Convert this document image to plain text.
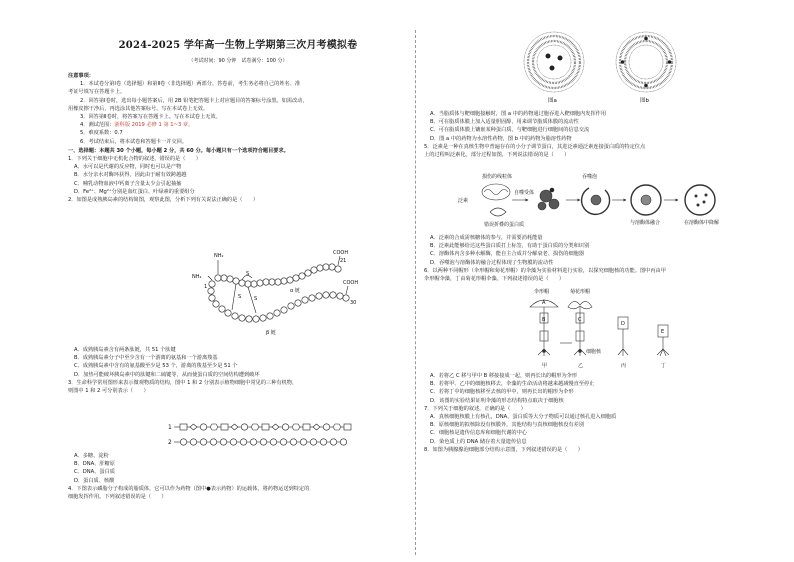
2024-2025 学年高一生物上学期第三次月考模拟卷
（考试时间：90 分钟　试卷满分：100 分）
注意事项：
1．本试卷分第Ⅰ卷（选择题）和第Ⅱ卷（非选择题）两部分。答卷前，考生务必将自己的姓名、准
考证号填写在答题卡上。
2．回答第Ⅰ卷时，选出每小题答案后，用 2B 铅笔把答题卡上对应题目的答案标号涂黑。如需改动，
用橡皮擦干净后，再选涂其他答案标号。写在本试卷上无效。
3．回答第Ⅱ卷时，将答案写在答题卡上。写在本试卷上无效。
4．测试范围：浙科版 2019 必修 1 第 1~3 章。
5．难度系数：0.7
6．考试结束后，将本试卷和答题卡一并交回。
一、选择题：本题共 30 个小题，每小题 2 分，共 60 分。每小题只有一个选项符合题目要求。
1．下列关于细胞中无机化合物的叙述，错误的是（　　）
A．水可以是代谢的反应物，同时也可以是产物
B．水分亲水对酶环获得，因此由于耐有效跨越越
C．哺乳动物血液中钙离子含量太少会引起抽搐
D．Fe²⁺、Mg²⁺分别是血红蛋白、叶绿素的重要组分
2．如图是成熟胰岛素的结构简图，观察此图，分析下列有关说法正确的是（　　）
NH₂
NH₂
COOH
21
COOH
30
1
S	S
S
α 链
β 链
A．成熟胰岛素含有两条肽链，共 51 个肽键
B．成熟胰岛素分子中至少含有一个游离的氨基和一个游离羧基
C．成熟胰岛素中含有的氨基酸至少是 53 个，游离的羧基至少是 51 个
D．加热可能破坏胰岛素中的肽键和二硫键等，从而使蛋白质的空间结构遭到破坏
3．生命科学常用图形来表示微观物质的结构，图中 1 和 2 分别表示植物细胞中常见的三种有机物，
则图中 1 和 2 可分别表示（　　）
1
2
A．多糖、淀粉
B．DNA、肝糖原
C．DNA、蛋白质
D．蛋白质、核酸
4．下图表示磷脂分子构成的脂质体，它可以作为药物（图中●表示药物）的运载体，将药物运送到特定的
细胞发挥作用。下列叙述错误的是（　　）
图a	图b
A．当脂质体与靶细胞接触时，图 a 中的药物通过胞吞进入靶细胞内发挥作用
B．可在脂质体膜上加入适量胆固醇，用来调节脂质体膜的流动性
C．可在脂质体膜上镶嵌某种蛋白质，与靶细胞进行细胞间的信息交流
D．图 a 中的药物为水溶性药物，图 b 中的药物为脂溶性药物
5．泛素是一种在真核生物中普遍存在的小分子调节蛋白，其进泛素通泛素连接蛋白质的特定位点
上的过程叫泛素化。部分过程如图，下列说法错误的是（　　）
损伤的线粒体
泛素
自噬受体
错误折叠的蛋白质
吞噬泡
与溶酶体融合	在溶酶体中降解
A．泛素的合成需核糖体的参与，并需要消耗能量
B．泛素此能够给达这些蛋白质打上标签，有助于蛋白质的分类和识别
C．溶酶体内含多种水解酶，能自主合成并分解衰老、损伤的细胞器
D．吞噬泡与溶酶体的融合过程体现了生物膜的流动性
6．以两种不同帽形（伞形帽和菊花形帽）的伞藻为实验材料进行实验，以探究细胞核的功能。图中丙由甲
伞形帽伞藻，丁由菊花形帽伞藻。下列叙述错误的是（　　）
伞形帽	菊花形帽
A
B	C
D
E
细胞核
甲	乙	丙	丁
A．若将乙 C 移与甲中 B 移接接成一起，则再长出的帽形为伞形
B．若将甲、乙中的细胞核移去，伞藻的生命活动将越来越减慢直至停止
C．若将丁中的细胞核移至去核的甲中，则再长出的帽形为伞形
D．该图的实验结果证明伞藻的形态结构特点取决于细胞核
7．下列关于细胞的叙述，正确的是（　　）
A．真核细胞核膜上有核孔，DNA、蛋白质等大分子物质可以通过核孔进入细胞质
B．原核细胞的拟核除没有核膜外，其他结构与真核细胞核没有差别
C．细胞核是遗传信息库和细胞代谢的中心
D．染色质上的 DNA 储存着大量遗传信息
8．如图为胰腺腺泡细胞部分结构示意图，下列叙述错误的是（　　）
